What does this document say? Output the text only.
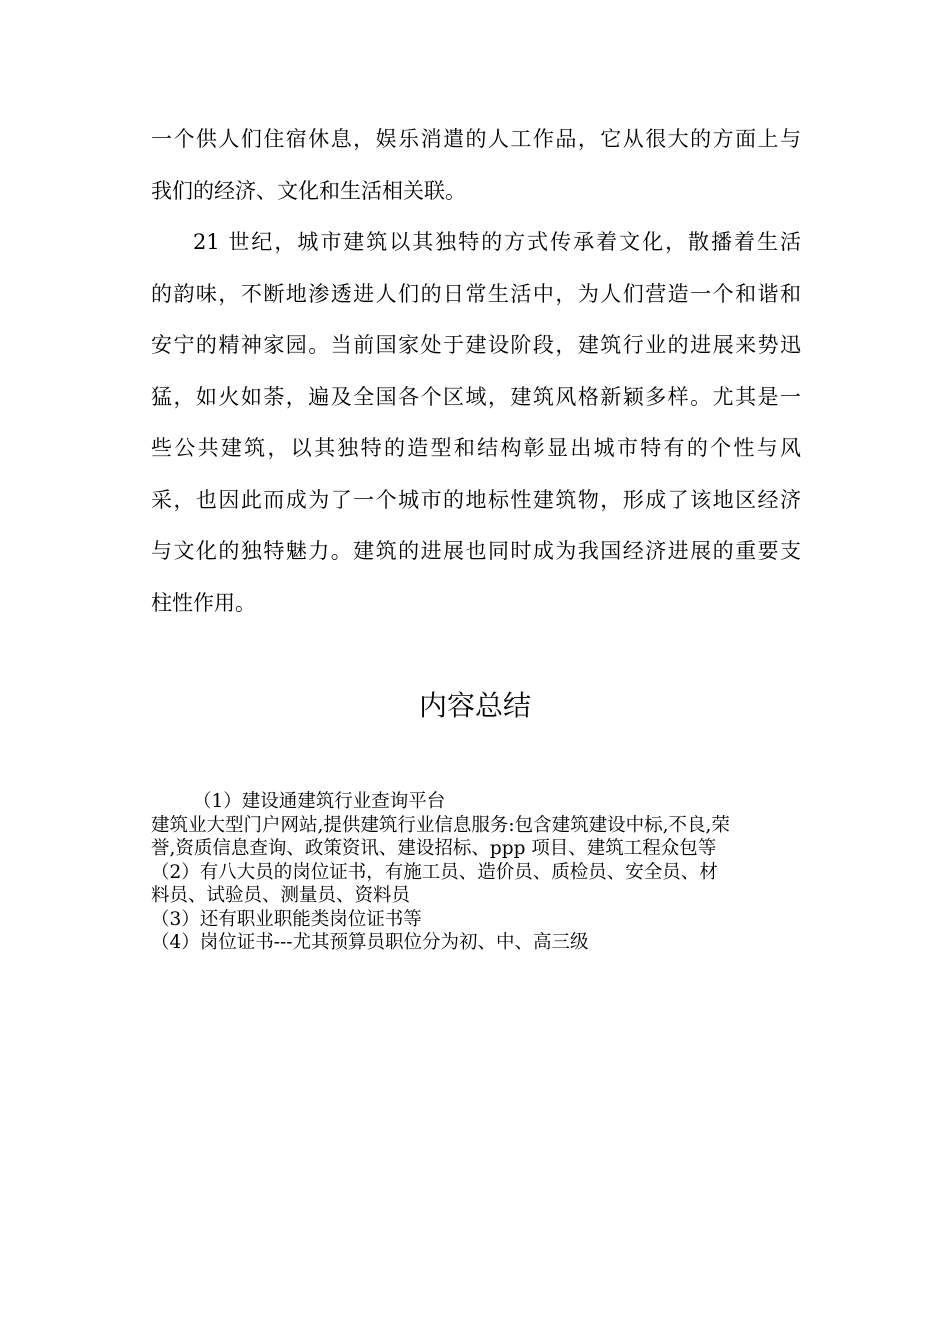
一个供人们住宿休息，娱乐消遣的人工作品，它从很大的方面上与
我们的经济、文化和生活相关联。
21 世纪，城市建筑以其独特的方式传承着文化，散播着生活
的韵味，不断地渗透进人们的日常生活中，为人们营造一个和谐和
安宁的精神家园。当前国家处于建设阶段，建筑行业的进展来势迅
猛，如火如荼，遍及全国各个区域，建筑风格新颖多样。尤其是一
些公共建筑，以其独特的造型和结构彰显出城市特有的个性与风
采，也因此而成为了一个城市的地标性建筑物，形成了该地区经济
与文化的独特魅力。建筑的进展也同时成为我国经济进展的重要支
柱性作用。
内容总结
（1）建设通建筑行业查询平台
建筑业大型门户网站,提供建筑行业信息服务:包含建筑建设中标,不良,荣
誉,资质信息查询、政策资讯、建设招标、ppp 项目、建筑工程众包等
（2）有八大员的岗位证书，有施工员、造价员、质检员、安全员、材
料员、试验员、测量员、资料员
（3）还有职业职能类岗位证书等
（4）岗位证书---尤其预算员职位分为初、中、高三级
